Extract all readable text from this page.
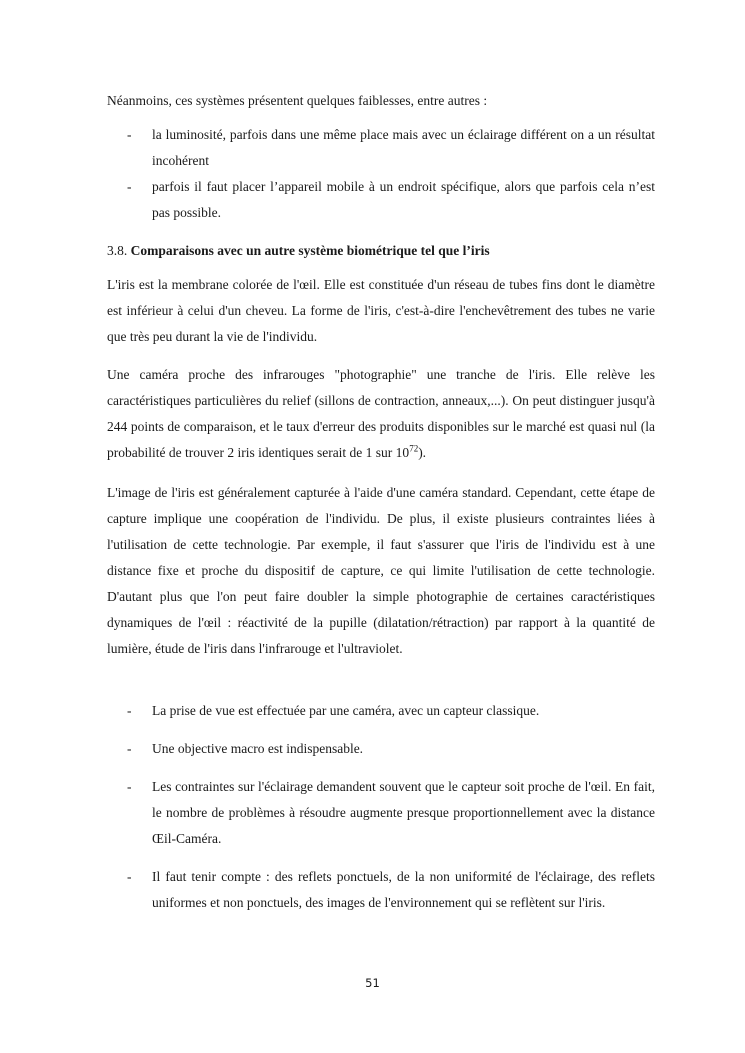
Néanmoins, ces systèmes présentent quelques faiblesses, entre autres :
- la luminosité, parfois dans une même place mais avec un éclairage différent on a un résultat incohérent
- parfois il faut placer l’appareil mobile à un endroit spécifique, alors que parfois cela n’est pas possible.
3.8. Comparaisons avec un autre système biométrique tel que l’iris
L'iris est la membrane colorée de l'œil. Elle est constituée d'un réseau de tubes fins dont le diamètre est inférieur à celui d'un cheveu. La forme de l'iris, c'est-à-dire l'enchevêtrement des tubes ne varie que très peu durant la vie de l'individu.
Une caméra proche des infrarouges "photographie" une tranche de l'iris. Elle relève les caractéristiques particulières du relief (sillons de contraction, anneaux,...). On peut distinguer jusqu'à 244 points de comparaison, et le taux d'erreur des produits disponibles sur le marché est quasi nul (la probabilité de trouver 2 iris identiques serait de 1 sur $10^{72}$).
L'image de l'iris est généralement capturée à l'aide d'une caméra standard. Cependant, cette étape de capture implique une coopération de l'individu. De plus, il existe plusieurs contraintes liées à l'utilisation de cette technologie. Par exemple, il faut s'assurer que l'iris de l'individu est à une distance fixe et proche du dispositif de capture, ce qui limite l'utilisation de cette technologie. D'autant plus que l'on peut faire doubler la simple photographie de certaines caractéristiques dynamiques de l'œil : réactivité de la pupille (dilatation/rétraction) par rapport à la quantité de lumière, étude de l'iris dans l'infrarouge et l'ultraviolet.
- La prise de vue est effectuée par une caméra, avec un capteur classique.
- Une objective macro est indispensable.
- Les contraintes sur l'éclairage demandent souvent que le capteur soit proche de l'œil. En fait, le nombre de problèmes à résoudre augmente presque proportionnellement avec la distance Œil-Caméra.
- Il faut tenir compte : des reflets ponctuels, de la non uniformité de l'éclairage, des reflets uniformes et non ponctuels, des images de l'environnement qui se reflètent sur l'iris.
51
